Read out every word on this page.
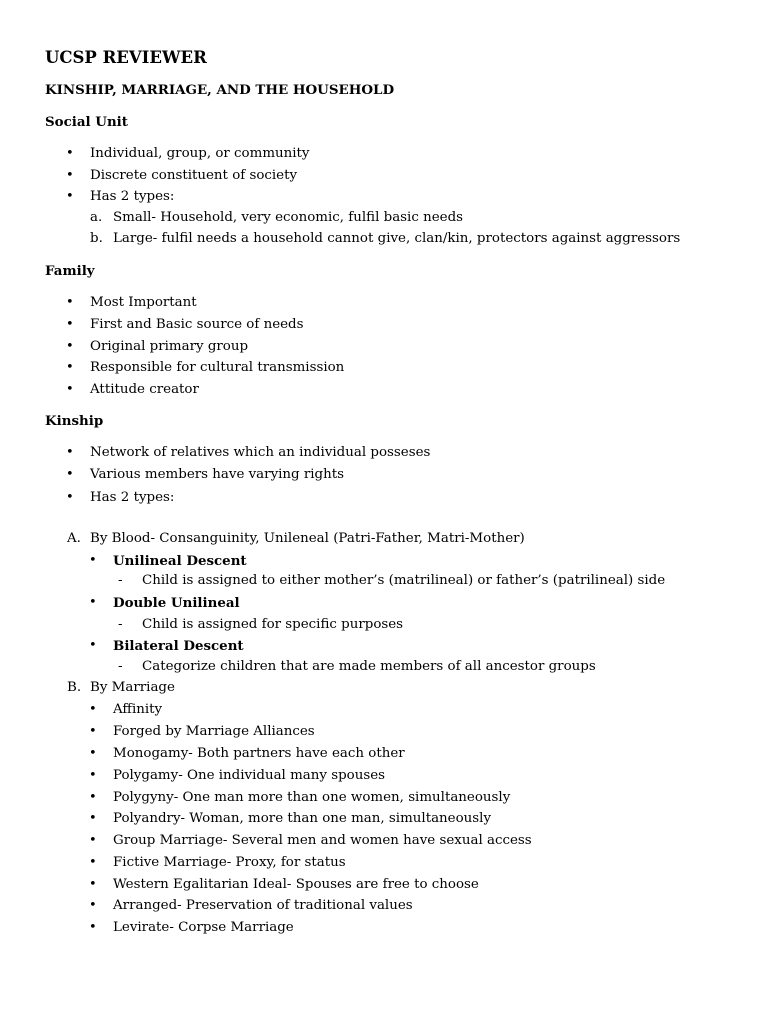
UCSP REVIEWER
KINSHIP, MARRIAGE, AND THE HOUSEHOLD
Social Unit
• Individual, group, or community
• Discrete constituent of society
• Has 2 types:
a. Small- Household, very economic, fulfil basic needs
b. Large- fulfil needs a household cannot give, clan/kin, protectors against aggressors
Family
• Most Important
• First and Basic source of needs
• Original primary group
• Responsible for cultural transmission
• Attitude creator
Kinship
• Network of relatives which an individual posseses
• Various members have varying rights
• Has 2 types:
A. By Blood- Consanguinity, Unileneal (Patri-Father, Matri-Mother)
• Unilineal Descent
- Child is assigned to either mother’s (matrilineal) or father’s (patrilineal) side
• Double Unilineal
- Child is assigned for specific purposes
• Bilateral Descent
- Categorize children that are made members of all ancestor groups
B. By Marriage
• Affinity
• Forged by Marriage Alliances
• Monogamy- Both partners have each other
• Polygamy- One individual many spouses
• Polygyny- One man more than one women, simultaneously
• Polyandry- Woman, more than one man, simultaneously
• Group Marriage- Several men and women have sexual access
• Fictive Marriage- Proxy, for status
• Western Egalitarian Ideal- Spouses are free to choose
• Arranged- Preservation of traditional values
• Levirate- Corpse Marriage
